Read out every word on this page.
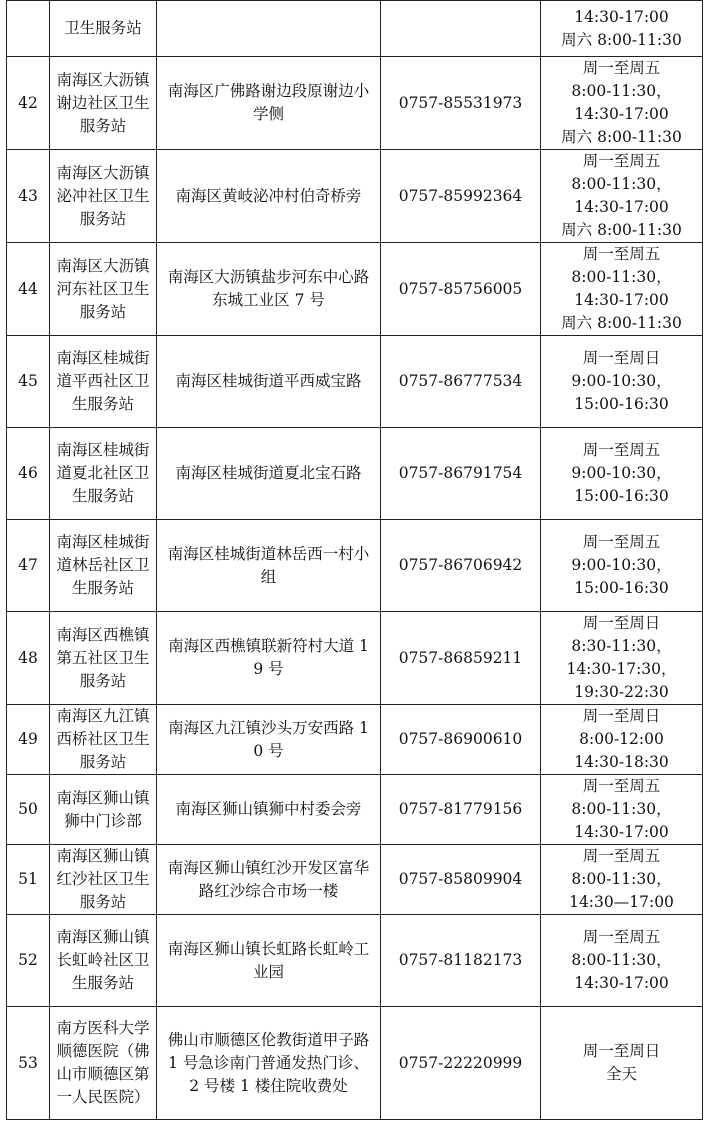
	卫生服务站			14:30-17:00
周六 8:00-11:30

42	南海区大沥镇谢边社区卫生服务站	南海区广佛路谢边段原谢边小学侧	0757-85531973	周一至周五
8:00-11:30，
14:30-17:00
周六 8:00-11:30

43	南海区大沥镇泌冲社区卫生服务站	南海区黄岐泌冲村伯奇桥旁	0757-85992364	周一至周五
8:00-11:30，
14:30-17:00
周六 8:00-11:30

44	南海区大沥镇河东社区卫生服务站	南海区大沥镇盐步河东中心路东城工业区 7 号	0757-85756005	周一至周五
8:00-11:30，
14:30-17:00
周六 8:00-11:30

45	南海区桂城街道平西社区卫生服务站	南海区桂城街道平西威宝路	0757-86777534	周一至周日
9:00-10:30，
15:00-16:30

46	南海区桂城街道夏北社区卫生服务站	南海区桂城街道夏北宝石路	0757-86791754	周一至周五
9:00-10:30，
15:00-16:30

47	南海区桂城街道林岳社区卫生服务站	南海区桂城街道林岳西一村小组	0757-86706942	周一至周五
9:00-10:30，
15:00-16:30

48	南海区西樵镇第五社区卫生服务站	南海区西樵镇联新符村大道 19 号	0757-86859211	周一至周日
8:30-11:30，
14:30-17:30，
19:30-22:30

49	南海区九江镇西桥社区卫生服务站	南海区九江镇沙头万安西路 10 号	0757-86900610	周一至周日
8:00-12:00
14:30-18:30

50	南海区狮山镇狮中门诊部	南海区狮山镇狮中村委会旁	0757-81779156	周一至周五
8:00-11:30，
14:30-17:00

51	南海区狮山镇红沙社区卫生服务站	南海区狮山镇红沙开发区富华路红沙综合市场一楼	0757-85809904	周一至周五
8:00-11:30，
14:30—17:00

52	南海区狮山镇长虹岭社区卫生服务站	南海区狮山镇长虹路长虹岭工业园	0757-81182173	周一至周五
8:00-11:30，
14:30-17:00

53	南方医科大学顺德医院（佛山市顺德区第一人民医院）	佛山市顺德区伦教街道甲子路 1 号急诊南门普通发热门诊、2 号楼 1 楼住院收费处	0757-22220999	周一至周日
全天
